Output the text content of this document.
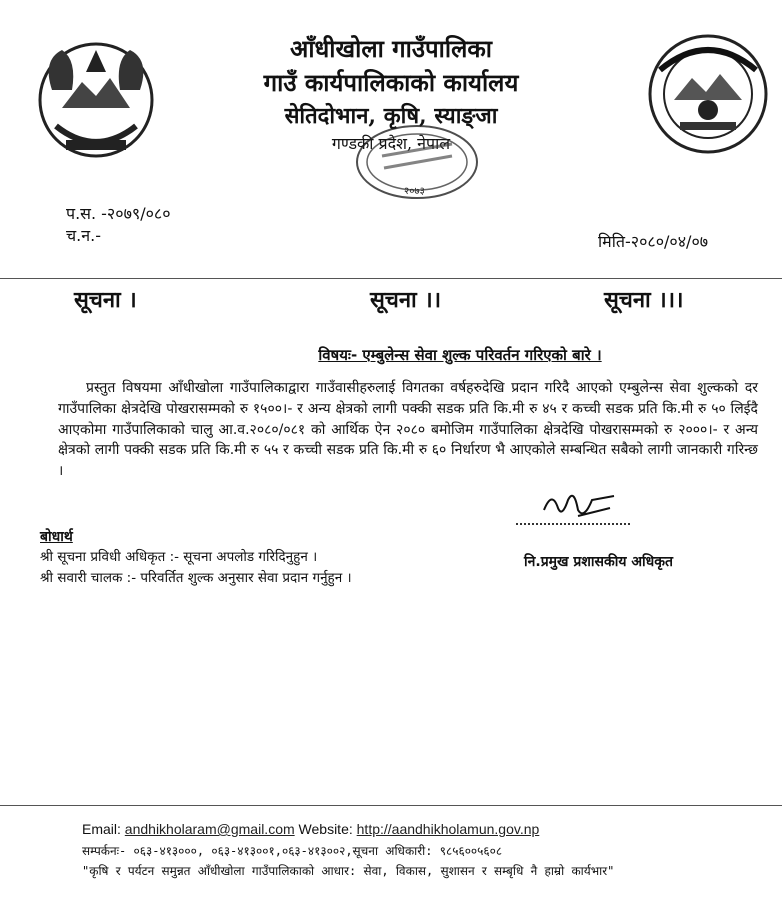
आँधीखोला गाउँपालिका
गाउँ कार्यपालिकाको कार्यालय
सेतिदोभान, कृषि, स्याङ्जा
गण्डकी प्रदेश, नेपाल
२०७३
प.स. -२०७९/०८०
च.न.-	मिति-२०८०/०४/०७
सूचना ।	सूचना ।।	सूचना ।।।
विषयः- एम्बुलेन्स सेवा शुल्क परिवर्तन गरिएको बारे ।
प्रस्तुत विषयमा आँधीखोला गाउँपालिकाद्वारा गाउँवासीहरुलाई विगतका वर्षहरुदेखि प्रदान गरिदै आएको एम्बुलेन्स सेवा शुल्कको दर गाउँपालिका क्षेत्रदेखि पोखरासम्मको रु १५००।- र अन्य क्षेत्रको लागी पक्की सडक प्रति कि.मी रु ४५ र कच्ची सडक प्रति कि.मी रु ५० लिईदै आएकोमा गाउँपालिकाको चालु आ.व.२०८०/०८१ को आर्थिक ऐन २०८० बमोजिम गाउँपालिका क्षेत्रदेखि पोखरासम्मको रु २०००।- र अन्य क्षेत्रको लागी पक्की सडक प्रति कि.मी रु ५५ र कच्ची सडक प्रति कि.मी रु ६० निर्धारण भै आएकोले सम्बन्धित सबैको लागी जानकारी गरिन्छ ।
नि.प्रमुख प्रशासकीय अधिकृत
बोधार्थ
श्री सूचना प्रविधी अधिकृत :- सूचना अपलोड गरिदिनुहुन ।
श्री सवारी चालक :- परिवर्तित शुल्क अनुसार सेवा प्रदान गर्नुहुन ।
Email: andhikholaram@gmail.com Website: http://aandhikholamun.gov.np
सम्पर्कनः- ०६३-४१३०००, ०६३-४१३००१,०६३-४१३००२,सूचना अधिकारी: ९८५६००५६०८
"कृषि र पर्यटन समुन्नत आँधीखोला गाउँपालिकाको आधार: सेवा, विकास, सुशासन र सम्बृधि नै हाम्रो कार्यभार"
